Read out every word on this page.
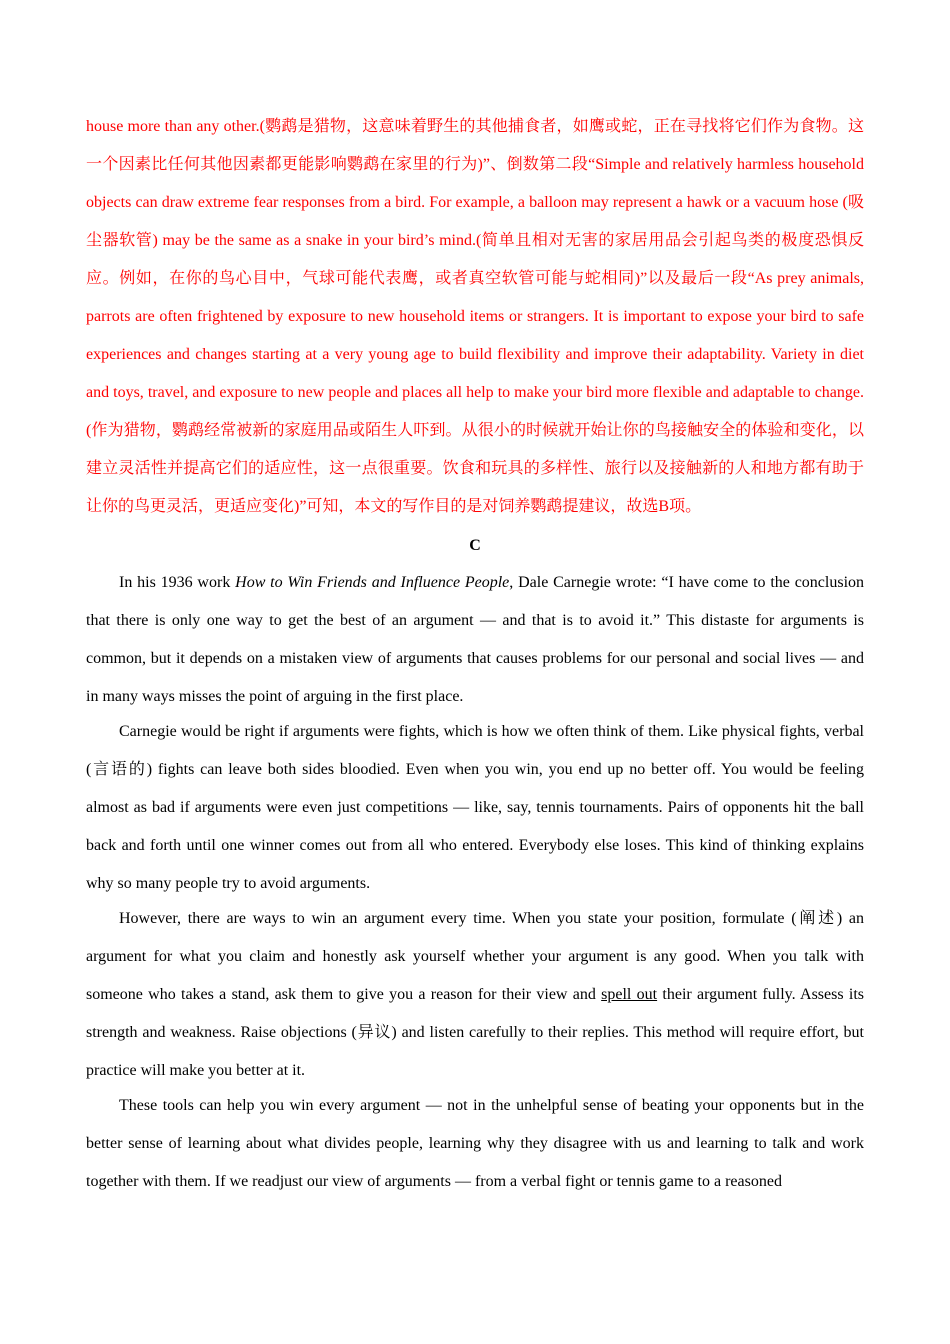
house more than any other.(鹦鹉是猎物，这意味着野生的其他捕食者，如鹰或蛇，正在寻找将它们作为食物。这一个因素比任何其他因素都更能影响鹦鹉在家里的行为)”、倒数第二段“Simple and relatively harmless household objects can draw extreme fear responses from a bird. For example, a balloon may represent a hawk or a vacuum hose (吸尘器软管) may be the same as a snake in your bird’s mind.(简单且相对无害的家居用品会引起鸟类的极度恐惧反应。例如，在你的鸟心目中，气球可能代表鹰，或者真空软管可能与蛇相同)”以及最后一段“As prey animals, parrots are often frightened by exposure to new household items or strangers. It is important to expose your bird to safe experiences and changes starting at a very young age to build flexibility and improve their adaptability. Variety in diet and toys, travel, and exposure to new people and places all help to make your bird more flexible and adaptable to change.(作为猎物，鹦鹉经常被新的家庭用品或陌生人吓到。从很小的时候就开始让你的鸟接触安全的体验和变化，以建立灵活性并提高它们的适应性，这一点很重要。饮食和玩具的多样性、旅行以及接触新的人和地方都有助于让你的鸟更灵活，更适应变化)”可知，本文的写作目的是对饲养鹦鹉提建议，故选B项。

C

In his 1936 work How to Win Friends and Influence People, Dale Carnegie wrote: “I have come to the conclusion that there is only one way to get the best of an argument — and that is to avoid it.” This distaste for arguments is common, but it depends on a mistaken view of arguments that causes problems for our personal and social lives — and in many ways misses the point of arguing in the first place.

Carnegie would be right if arguments were fights, which is how we often think of them. Like physical fights, verbal (言语的) fights can leave both sides bloodied. Even when you win, you end up no better off. You would be feeling almost as bad if arguments were even just competitions — like, say, tennis tournaments. Pairs of opponents hit the ball back and forth until one winner comes out from all who entered. Everybody else loses. This kind of thinking explains why so many people try to avoid arguments.

However, there are ways to win an argument every time. When you state your position, formulate (阐述) an argument for what you claim and honestly ask yourself whether your argument is any good. When you talk with someone who takes a stand, ask them to give you a reason for their view and spell out their argument fully. Assess its strength and weakness. Raise objections (异议) and listen carefully to their replies. This method will require effort, but practice will make you better at it.

These tools can help you win every argument — not in the unhelpful sense of beating your opponents but in the better sense of learning about what divides people, learning why they disagree with us and learning to talk and work together with them. If we readjust our view of arguments — from a verbal fight or tennis game to a reasoned
